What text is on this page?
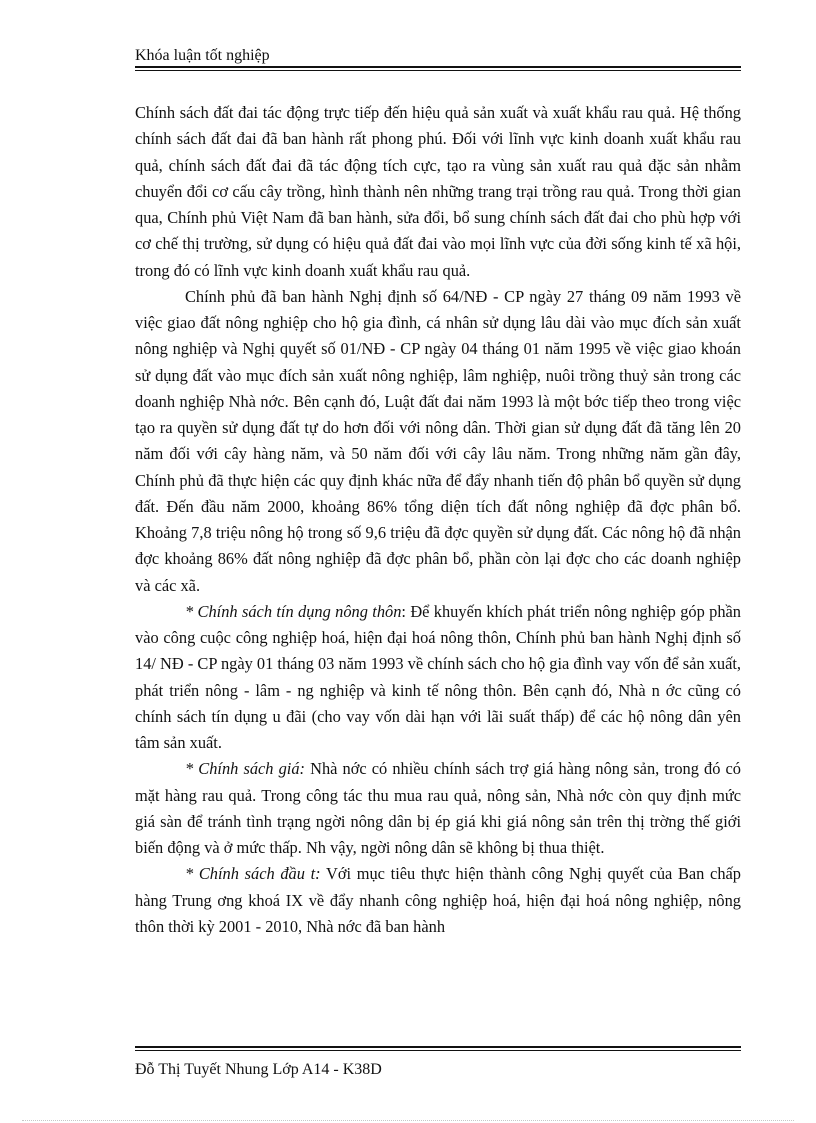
Khóa luận tốt nghiệp

Chính sách đất đai tác động trực tiếp đến hiệu quả sản xuất và xuất khẩu rau quả. Hệ thống chính sách đất đai đã ban hành rất phong phú. Đối với lĩnh vực kinh doanh xuất khẩu rau quả, chính sách đất đai đã tác động tích cực, tạo ra vùng sản xuất rau quả đặc sản nhằm chuyển đổi cơ cấu cây trồng, hình thành nên những trang trại trồng rau quả. Trong thời gian qua, Chính phủ Việt Nam đã ban hành, sửa đổi, bổ sung chính sách đất đai cho phù hợp với cơ chế thị trường, sử dụng có hiệu quả đất đai vào mọi lĩnh vực của đời sống kinh tế xã hội, trong đó có lĩnh vực kinh doanh xuất khẩu rau quả.

Chính phủ đã ban hành Nghị định số 64/NĐ - CP ngày 27 tháng 09 năm 1993 về việc giao đất nông nghiệp cho hộ gia đình, cá nhân sử dụng lâu dài vào mục đích sản xuất nông nghiệp và Nghị quyết số 01/NĐ - CP ngày 04 tháng 01 năm 1995 về việc giao khoán sử dụng đất vào mục đích sản xuất nông nghiệp, lâm nghiệp, nuôi trồng thuỷ sản trong các doanh nghiệp Nhà nớc. Bên cạnh đó, Luật đất đai năm 1993 là một bớc tiếp theo trong việc tạo ra quyền sử dụng đất tự do hơn đối với nông dân. Thời gian sử dụng đất đã tăng lên 20 năm đối với cây hàng năm, và 50 năm đối với cây lâu năm. Trong những năm gần đây, Chính phủ đã thực hiện các quy định khác nữa để đẩy nhanh tiến độ phân bổ quyền sử dụng đất. Đến đầu năm 2000, khoảng 86% tổng diện tích đất nông nghiệp đã đợc phân bổ. Khoảng 7,8 triệu nông hộ trong số 9,6 triệu đã đợc quyền sử dụng đất. Các nông hộ đã nhận đợc khoảng 86% đất nông nghiệp đã đợc phân bổ, phần còn lại đợc cho các doanh nghiệp và các xã.

* Chính sách tín dụng nông thôn: Để khuyến khích phát triển nông nghiệp góp phần vào công cuộc công nghiệp hoá, hiện đại hoá nông thôn, Chính phủ ban hành Nghị định số 14/ NĐ - CP ngày 01 tháng 03 năm 1993 về chính sách cho hộ gia đình vay vốn để sản xuất, phát triển nông - lâm - ng nghiệp và kinh tế nông thôn. Bên cạnh đó, Nhà n ớc cũng có chính sách tín dụng u đãi (cho vay vốn dài hạn với lãi suất thấp) để các hộ nông dân yên tâm sản xuất.

* Chính sách giá: Nhà nớc có nhiều chính sách trợ giá hàng nông sản, trong đó có mặt hàng rau quả. Trong công tác thu mua rau quả, nông sản, Nhà nớc còn quy định mức giá sàn để tránh tình trạng ngời nông dân bị ép giá khi giá nông sản trên thị trờng thế giới biến động và ở mức thấp. Nh vậy, ngời nông dân sẽ không bị thua thiệt.

* Chính sách đầu t: Với mục tiêu thực hiện thành công Nghị quyết của Ban chấp hàng Trung ơng khoá IX về đẩy nhanh công nghiệp hoá, hiện đại hoá nông nghiệp, nông thôn thời kỳ 2001 - 2010, Nhà nớc đã ban hành

Đỗ Thị Tuyết Nhung Lớp A14 - K38D
